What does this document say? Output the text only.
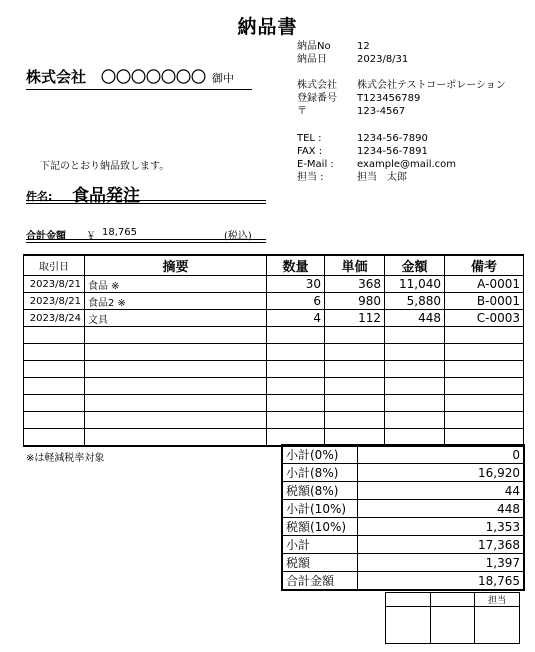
納品書
納品No	12
納品日	2023/8/31
株式会社 株式会社テストコーポレーション
登録番号 T123456789
〒	123-4567
TEL :	1234-56-7890
FAX :	1234-56-7891
E-Mail : example@mail.com
担当 :	担当　太郎
株式会社　〇〇〇〇〇〇〇 御中
下記のとおり納品致します。
件名: 食品発注
合計金額 ￥ 18,765	(税込)
取引日	摘要	数量	単価	金額	備考
2023/8/21	食品 ※	30	368	11,040	A-0001
2023/8/21	食品2 ※	6	980	5,880	B-0001
2023/8/24	文具	4	112	448	C-0003

※は軽減税率対象	小計(0%)	0
小計(8%)	16,920
税額(8%)	44
小計(10%)	448
税額(10%)	1,353
小計	17,368
税額	1,397
合計金額	18,765
		担当
